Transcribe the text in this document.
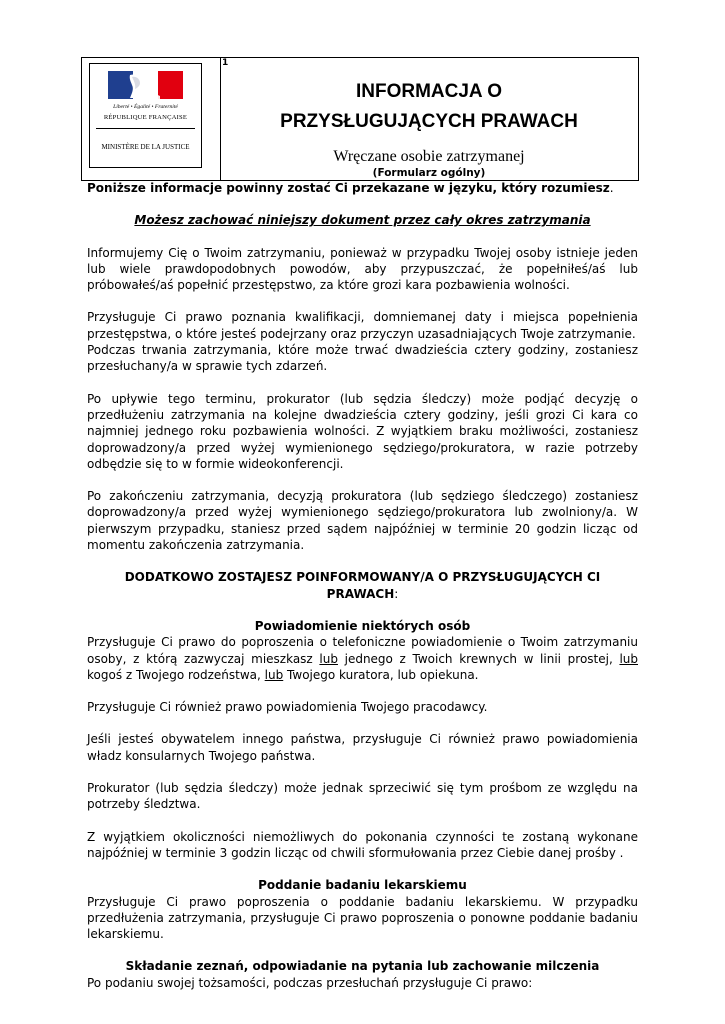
Liberté • Égalité • Fraternité
RÉPUBLIQUE FRANÇAISE
MINISTÈRE DE LA JUSTICE
1
INFORMACJA O
PRZYSŁUGUJĄCYCH PRAWACH
Wręczane osobie zatrzymanej
(Formularz ogólny)

Poniższe informacje powinny zostać Ci przekazane w języku, który rozumiesz.

Możesz zachować niniejszy dokument przez cały okres zatrzymania

Informujemy Cię o Twoim zatrzymaniu, ponieważ w przypadku Twojej osoby istnieje jeden lub wiele prawdopodobnych powodów, aby przypuszczać, że popełniłeś/aś lub próbowałeś/aś popełnić przestępstwo, za które grozi kara pozbawienia wolności.

Przysługuje Ci prawo poznania kwalifikacji, domniemanej daty i miejsca popełnienia przestępstwa, o które jesteś podejrzany oraz przyczyn uzasadniających Twoje zatrzymanie.

Podczas trwania zatrzymania, które może trwać dwadzieścia cztery godziny, zostaniesz przesłuchany/a w sprawie tych zdarzeń.

Po upływie tego terminu, prokurator (lub sędzia śledczy) może podjąć decyzję o przedłużeniu zatrzymania na kolejne dwadzieścia cztery godziny, jeśli grozi Ci kara co najmniej jednego roku pozbawienia wolności. Z wyjątkiem braku możliwości, zostaniesz doprowadzony/a przed wyżej wymienionego sędziego/prokuratora, w razie potrzeby odbędzie się to w formie wideokonferencji.

Po zakończeniu zatrzymania, decyzją prokuratora (lub sędziego śledczego) zostaniesz doprowadzony/a przed wyżej wymienionego sędziego/prokuratora lub zwolniony/a. W pierwszym przypadku, staniesz przed sądem najpóźniej w terminie 20 godzin licząc od momentu zakończenia zatrzymania.

DODATKOWO ZOSTAJESZ POINFORMOWANY/A O PRZYSŁUGUJĄCYCH CI PRAWACH:

Powiadomienie niektórych osób

Przysługuje Ci prawo do poproszenia o telefoniczne powiadomienie o Twoim zatrzymaniu osoby, z którą zazwyczaj mieszkasz lub jednego z Twoich krewnych w linii prostej, lub kogoś z Twojego rodzeństwa, lub Twojego kuratora, lub opiekuna.

Przysługuje Ci również prawo powiadomienia Twojego pracodawcy.

Jeśli jesteś obywatelem innego państwa, przysługuje Ci również prawo powiadomienia władz konsularnych Twojego państwa.

Prokurator (lub sędzia śledczy) może jednak sprzeciwić się tym prośbom ze względu na potrzeby śledztwa.

Z wyjątkiem okoliczności niemożliwych do pokonania czynności te zostaną wykonane najpóźniej w terminie 3 godzin licząc od chwili sformułowania przez Ciebie danej prośby .

Poddanie badaniu lekarskiemu

Przysługuje Ci prawo poproszenia o poddanie badaniu lekarskiemu. W przypadku przedłużenia zatrzymania, przysługuje Ci prawo poproszenia o ponowne poddanie badaniu lekarskiemu.

Składanie zeznań, odpowiadanie na pytania lub zachowanie milczenia

Po podaniu swojej tożsamości, podczas przesłuchań przysługuje Ci prawo:
